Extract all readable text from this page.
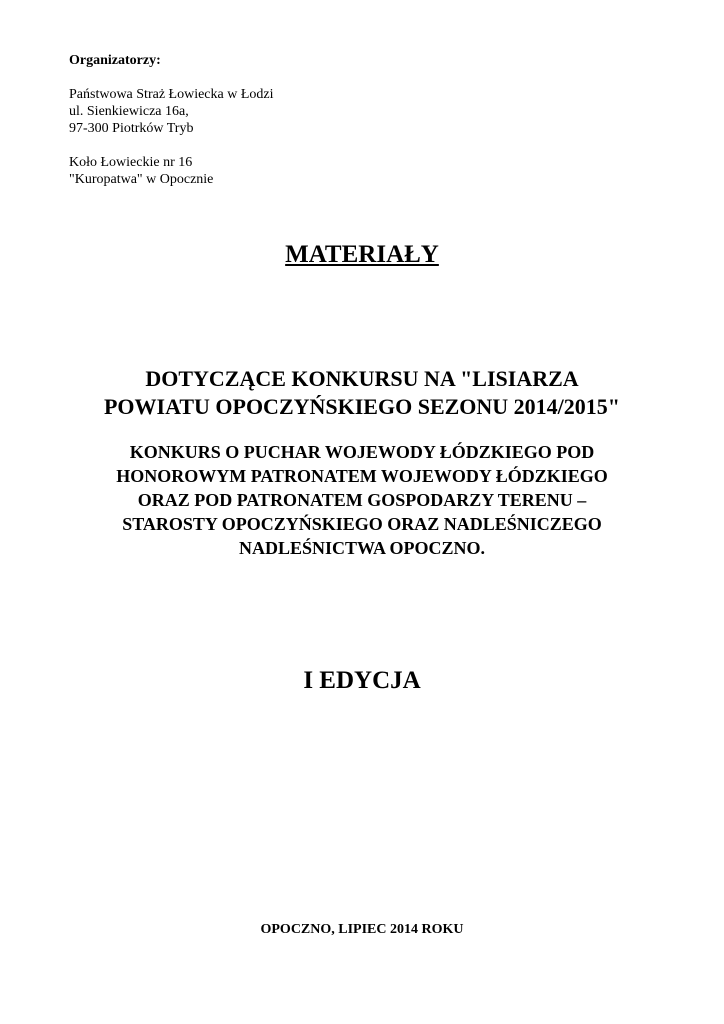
Organizatorzy:
Państwowa Straż Łowiecka w Łodzi
ul. Sienkiewicza 16a,
97-300 Piotrków Tryb
Koło Łowieckie nr 16
"Kuropatwa" w Opocznie
MATERIAŁY
DOTYCZĄCE KONKURSU NA "LISIARZA
POWIATU OPOCZYŃSKIEGO SEZONU 2014/2015"
KONKURS O PUCHAR WOJEWODY ŁÓDZKIEGO POD
HONOROWYM PATRONATEM WOJEWODY ŁÓDZKIEGO
ORAZ POD PATRONATEM GOSPODARZY TERENU –
STAROSTY OPOCZYŃSKIEGO ORAZ NADLEŚNICZEGO
NADLEŚNICTWA OPOCZNO.
I EDYCJA
OPOCZNO, LIPIEC 2014 ROKU
